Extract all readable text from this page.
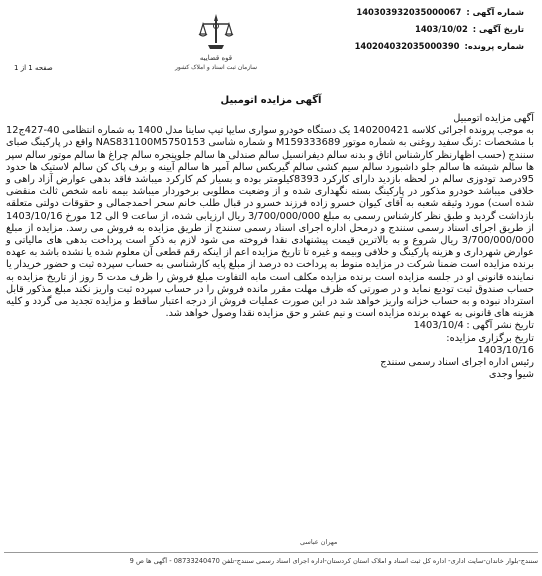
شماره آگهی :
140303932035000067
تاریخ آگهی :
1403/10/02
شماره پرونده:
140204032035000390
قوه قضاییه
سازمان ثبت اسناد و املاک کشور
صفحه 1 از 1
آگهی مزایده اتومبیل

آگهی مزایده اتومبیل

به موجب پرونده اجرائی کلاسه 140200421 یک دستگاه خودرو سواری سایپا تیپ ساینا مدل 1400 به شماره انتظامی 40-427ج12 با مشخصات :رنگ سفید روغنی به شماره موتور M15‌9333689 و شماره شاسی NAS831100M5750153 واقع در پارکینگ صبای سنندج (حسب اظهارنظر کارشناس اتاق و بدنه سالم دیفرانسیل سالم صندلی ها سالم جلوپنجره سالم چراغ ها سالم موتور سالم سپر ها سالم شیشه ها سالم جلو داشبورد سالم سیم کشی سالم گیربکس سالم آمپر ها سالم آیینه و برف پاک کن سالم لاستیک ها حدود 95درصد تودوزی سالم در لحظه بازدید دارای کارکرد 8393کیلومتر بوده و بسیار کم کارکرد میباشد فاقد بدهی عوارض آزاد راهی و خلافی میباشد خودرو مذکور در پارکینگ بسته نگهداری شده و از وضعیت مطلوبی برخوردار میباشد بیمه نامه شخص ثالث منقضی شده است) مورد وثیقه شعبه به آقای کیوان خسرو زاده فرزند خسرو در قبال طلب خانم سحر احمدجمالی و حقوقات دولتی متعلقه بازداشت گردید و طبق نظر کارشناس رسمی به مبلغ 3/700/000/000 ریال ارزیابی شده، از ساعت 9 الی 12 مورخ 1403/10/16 از طریق اجرای اسناد رسمی سنندج و درمحل اداره اجرای اسناد رسمی سنندج از طریق مزایده به فروش می رسد. مزایده از مبلغ 3/700/000/000 ریال شروع و به بالاترین قیمت پیشنهادی نقدا فروخته می شود لازم به ذکر است پرداخت بدهی های مالیاتی و عوارض شهرداری و هزینه پارکینگ و خلافی وبیمه و غیره تا تاریخ مزایده اعم از اینکه رقم قطعی آن معلوم شده یا نشده باشد به عهده برنده مزایده است ضمنا شرکت در مزایده منوط به پرداخت ده درصد از مبلغ پایه کارشناسی به حساب سپرده ثبت و حضور خریدار یا نماینده قانونی او در جلسه مزایده است برنده مزایده مکلف است مابه التفاوت مبلغ فروش را ظرف مدت 5 روز از تاریخ مزایده به حساب صندوق ثبت تودیع نماید و در صورتی که ظرف مهلت مقرر مانده فروش را در حساب سپرده ثبت واریز نکند مبلغ مذکور قابل استرداد نبوده و به حساب خزانه واریز خواهد شد در این صورت عملیات فروش از درجه اعتبار ساقط و مزایده تجدید می گردد و کلیه هزینه های قانونی به عهده برنده مزایده است و نیم عشر و حق مزایده نقدا وصول خواهد شد.

تاریخ نشر آگهی : 1403/10/4

تاریخ برگزاری مزایده:

1403/10/16

رئیس اداره اجرای اسناد رسمی سنندج

شیوا وجدی

مهران عباسی
سنندج-بلوار خاندان-سایت اداری- اداره کل ثبت اسناد و املاک استان کردستان-اداره اجرای اسناد رسمی سنندج-تلفن 08733240470 - آگهی ها ص 9
